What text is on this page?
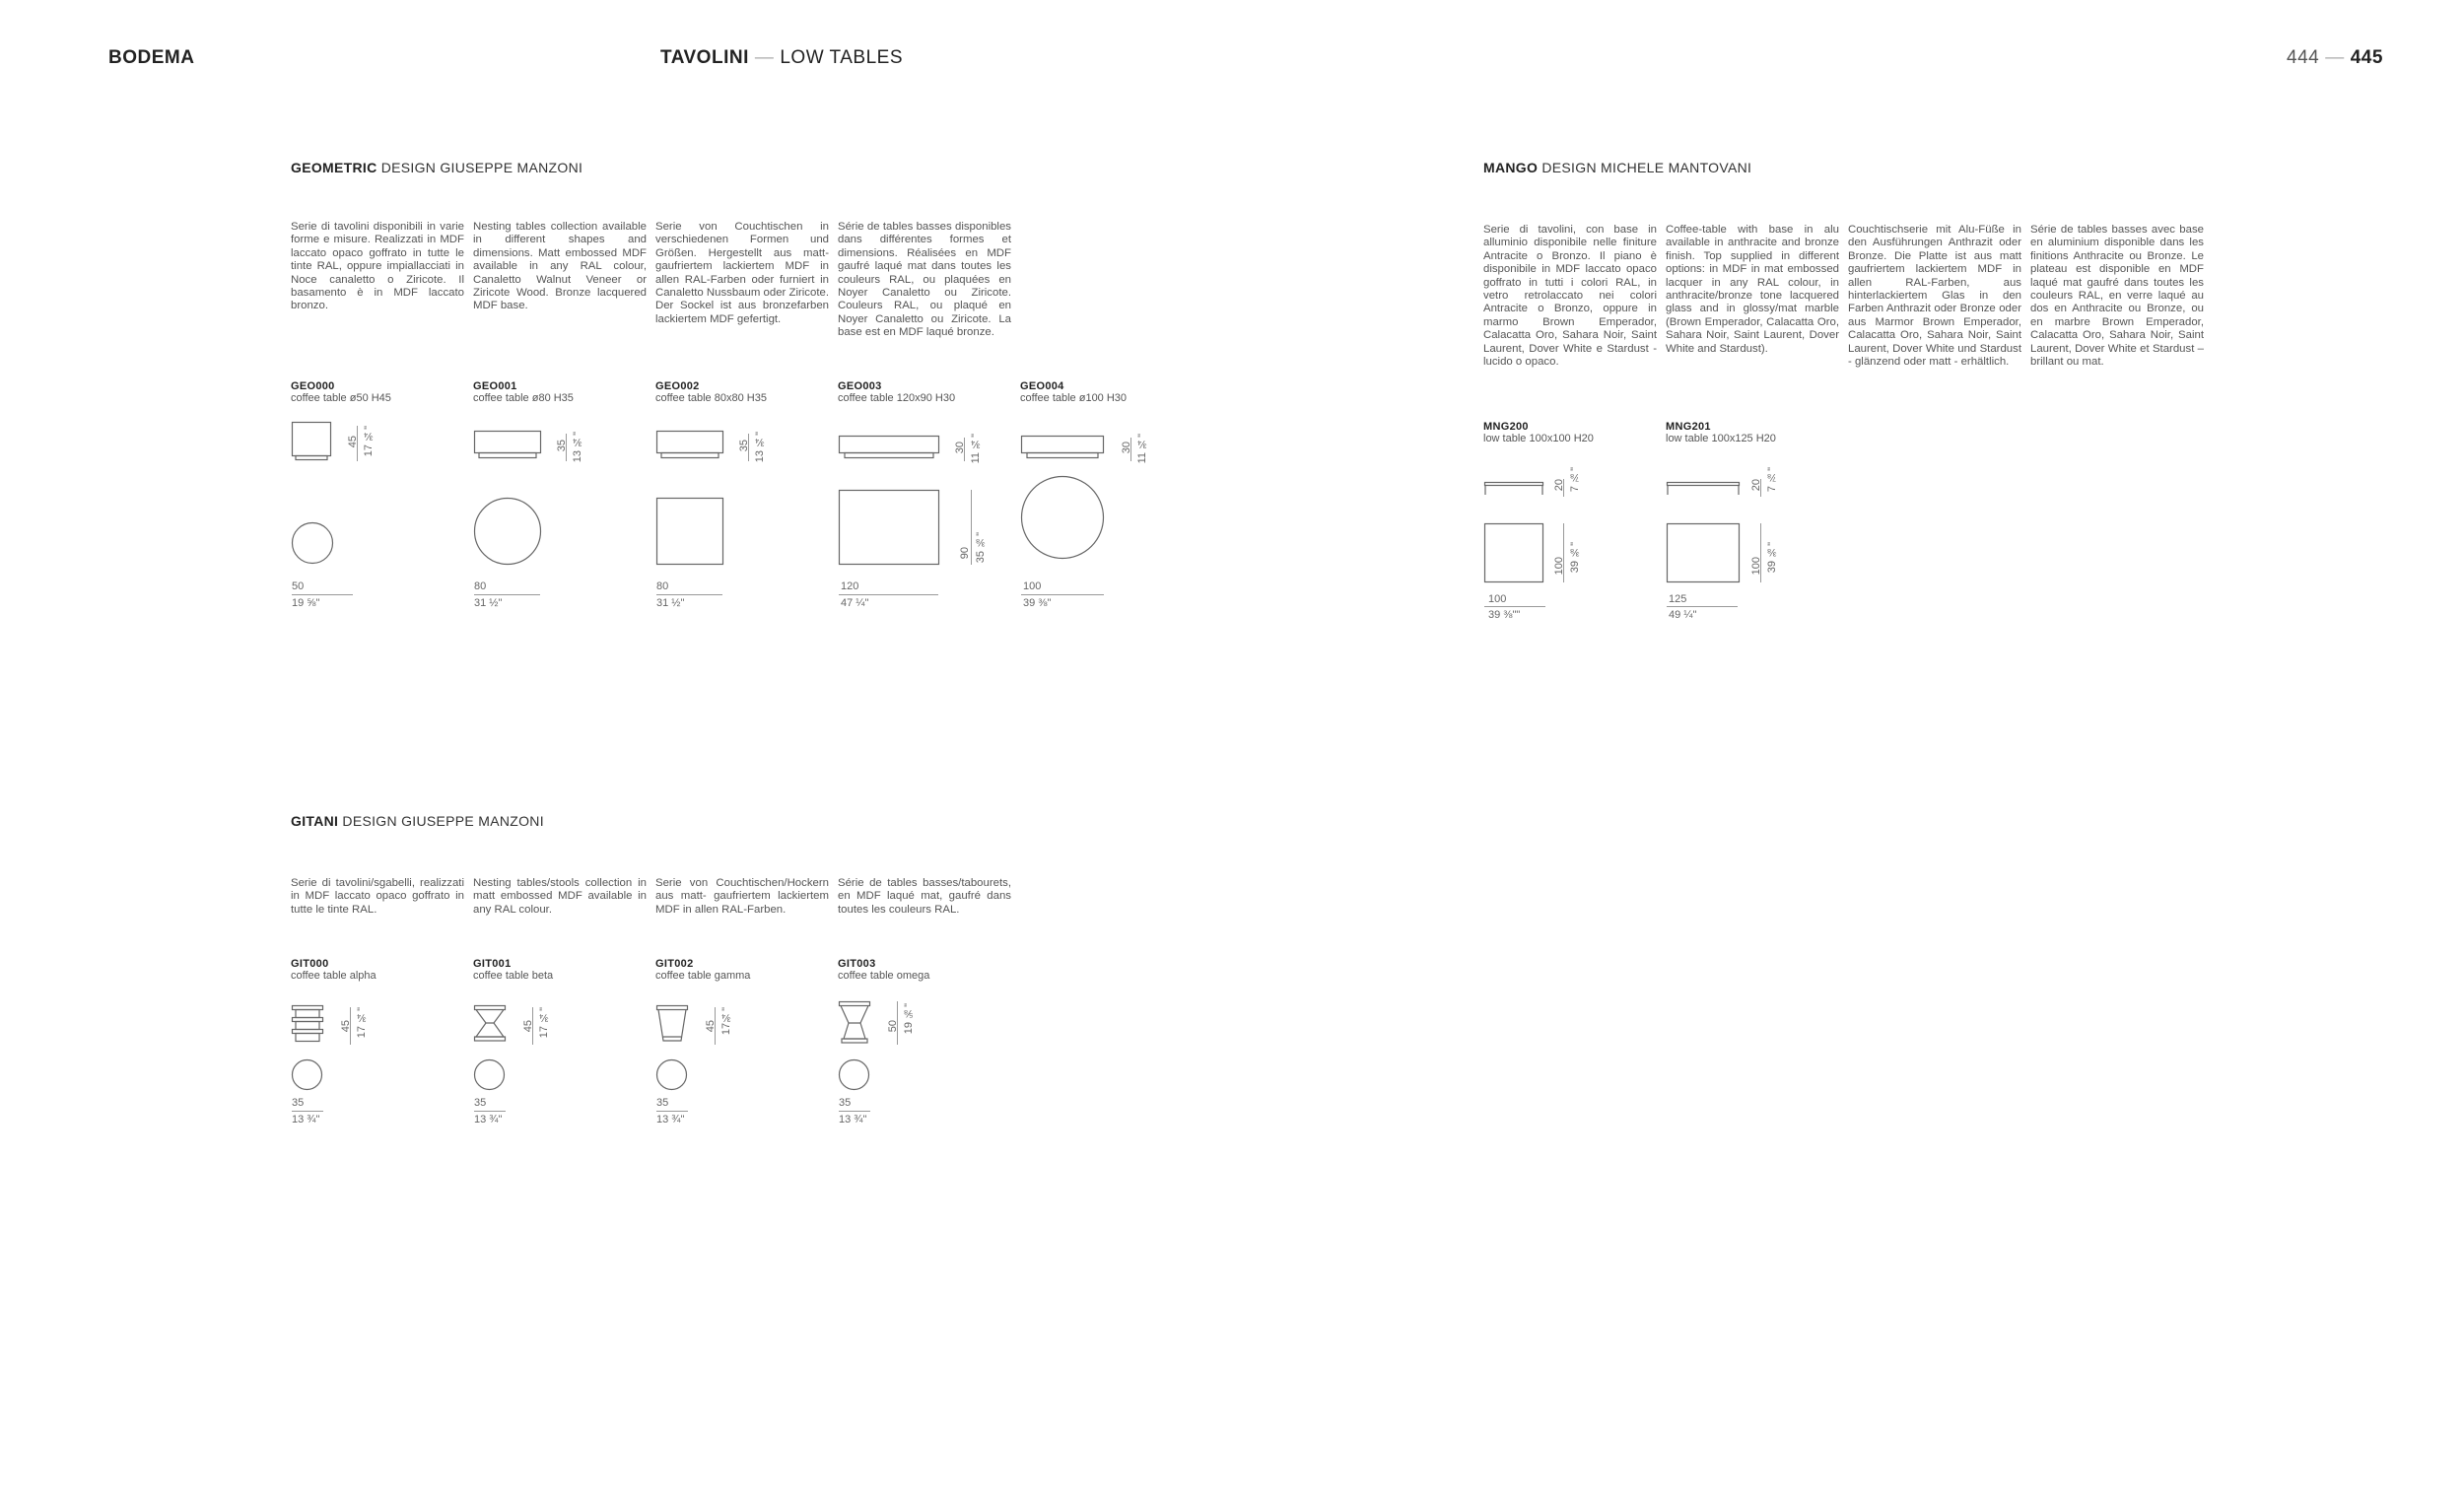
BODEMA	TAVOLINI — LOW TABLES	444 — 445
GEOMETRIC DESIGN GIUSEPPE MANZONI
Serie di tavolini disponibili in varie forme e misure. Realizzati in MDF laccato opaco goffrato in tutte le tinte RAL, oppure impiallacciati in Noce canaletto o Ziricote. Il basamento è in MDF laccato bronzo.
Nesting tables collection available in different shapes and dimensions. Matt embossed MDF available in any RAL colour, Canaletto Walnut Veneer or Ziricote Wood. Bronze lacquered MDF base.
Serie von Couchtischen in verschiedenen Formen und Größen. Hergestellt aus matt-gaufriertem lackiertem MDF in allen RAL-Farben oder furniert in Canaletto Nussbaum oder Ziricote. Der Sockel ist aus bronzefarben lackiertem MDF gefertigt.
Série de tables basses disponibles dans différentes formes et dimensions. Réalisées en MDF gaufré laqué mat dans toutes les couleurs RAL, ou plaquées en Noyer Canaletto ou Ziricote. Couleurs RAL, ou plaqué en Noyer Canaletto ou Ziricote. La base est en MDF laqué bronze.
GEO000
coffee table ø50 H45
45 17 ¾"
50
19 ⅝"
GEO001
coffee table ø80 H35
35 13 ¾"
80
31 ½"
GEO002
coffee table 80x80 H35
35 13 ¾"
80
31 ½"
GEO003
coffee table 120x90 H30
30 11 ¾"
90 35 ⅜"
120
47 ¼"
GEO004
coffee table ø100 H30
30 11 ¾"
100
39 ⅜"
MANGO DESIGN MICHELE MANTOVANI
Serie di tavolini, con base in alluminio disponibile nelle finiture Antracite o Bronzo. Il piano è disponibile in MDF laccato opaco goffrato in tutti i colori RAL, in vetro retrolaccato nei colori Antracite o Bronzo, oppure in marmo Brown Emperador, Calacatta Oro, Sahara Noir, Saint Laurent, Dover White e Stardust - lucido o opaco.
Coffee-table with base in alu available in anthracite and bronze finish. Top supplied in different options: in MDF in mat embossed lacquer in any RAL colour, in anthracite/bronze tone lacquered glass and in glossy/mat marble (Brown Emperador, Calacatta Oro, Sahara Noir, Saint Laurent, Dover White and Stardust).
Couchtischserie mit Alu-Füße in den Ausführungen Anthrazit oder Bronze. Die Platte ist aus matt gaufriertem lackiertem MDF in allen RAL-Farben, aus hinterlackiertem Glas in den Farben Anthrazit oder Bronze oder aus Marmor Brown Emperador, Calacatta Oro, Sahara Noir, Saint Laurent, Dover White und Stardust - glänzend oder matt - erhältlich.
Série de tables basses avec base en aluminium disponible dans les finitions Anthracite ou Bronze. Le plateau est disponible en MDF laqué mat gaufré dans toutes les couleurs RAL, en verre laqué au dos en Anthracite ou Bronze, ou en marbre Brown Emperador, Calacatta Oro, Sahara Noir, Saint Laurent, Dover White et Stardust – brillant ou mat.
MNG200
low table 100x100 H20
20 7 ⅞"
100 39 ⅜"
100
39 ⅜""
MNG201
low table 100x125 H20
20 7 ⅞"
100 39 ⅜"
125
49 ¼"
GITANI DESIGN GIUSEPPE MANZONI
Serie di tavolini/sgabelli, realizzati in MDF laccato opaco goffrato in tutte le tinte RAL.
Nesting tables/stools collection in matt embossed MDF available in any RAL colour.
Serie von Couchtischen/Hockern aus matt- gaufriertem lackiertem MDF in allen RAL-Farben.
Série de tables basses/tabourets, en MDF laqué mat, gaufré dans toutes les couleurs RAL.
GIT000
coffee table alpha
45 17 ¾"
35
13 ¾"
GIT001
coffee table beta
45 17 ¾"
35
13 ¾"
GIT002
coffee table gamma
45 17¾"
35
13 ¾"
GIT003
coffee table omega
50 19 ⅝"
35
13 ¾"
